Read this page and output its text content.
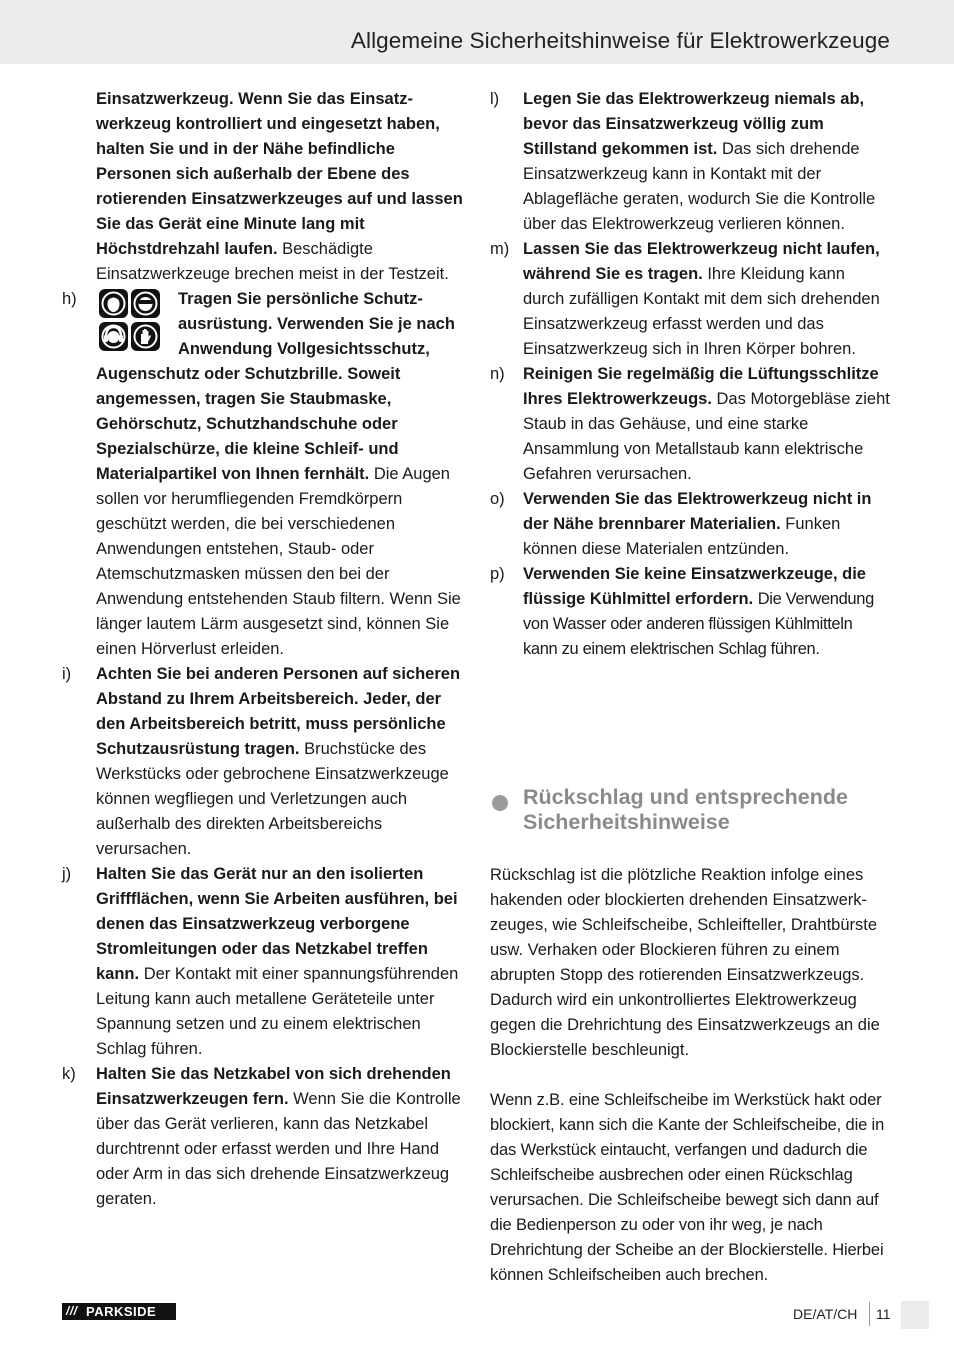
Allgemeine Sicherheitshinweise für Elektrowerkzeuge
Einsatzwerkzeug. Wenn Sie das Einsatzwerkzeug kontrolliert und eingesetzt haben, halten Sie und in der Nähe befindliche Personen sich außerhalb der Ebene des rotierenden Einsatzwerkzeuges auf und lassen Sie das Gerät eine Minute lang mit Höchstdrehzahl laufen. Beschädigte Einsatzwerkzeuge brechen meist in der Testzeit.
h)	Tragen Sie persönliche Schutzausrüstung. Verwenden Sie je nach Anwendung Vollgesichtsschutz, Augenschutz oder Schutzbrille. Soweit angemessen, tragen Sie Staubmaske, Gehörschutz, Schutzhandschuhe oder Spezialschürze, die kleine Schleif- und Materialpartikel von Ihnen fernhält. Die Augen sollen vor herumfliegenden Fremdkörpern geschützt werden, die bei verschiedenen Anwendungen entstehen, Staub- oder Atemschutzmasken müssen den bei der Anwendung entstehenden Staub filtern. Wenn Sie länger lautem Lärm ausgesetzt sind, können Sie einen Hörverlust erleiden.
i) Achten Sie bei anderen Personen auf sicheren Abstand zu Ihrem Arbeitsbereich. Jeder, der den Arbeitsbereich betritt, muss persönliche Schutzausrüstung tragen. Bruchstücke des Werkstücks oder gebrochene Einsatzwerkzeuge können wegfliegen und Verletzungen auch außerhalb des direkten Arbeitsbereichs verursachen.
j) Halten Sie das Gerät nur an den isolierten Griffflächen, wenn Sie Arbeiten ausführen, bei denen das Einsatzwerkzeug verborgene Stromleitungen oder das Netzkabel treffen kann. Der Kontakt mit einer spannungsführenden Leitung kann auch metallene Geräteteile unter Spannung setzen und zu einem elektrischen Schlag führen.
k) Halten Sie das Netzkabel von sich drehenden Einsatzwerkzeugen fern. Wenn Sie die Kontrolle über das Gerät verlieren, kann das Netzkabel durchtrennt oder erfasst werden und Ihre Hand oder Arm in das sich drehende Einsatzwerkzeug geraten.
l) Legen Sie das Elektrowerkzeug niemals ab, bevor das Einsatzwerkzeug völlig zum Stillstand gekommen ist. Das sich drehende Einsatzwerkzeug kann in Kontakt mit der Ablagefläche geraten, wodurch Sie die Kontrolle über das Elektrowerkzeug verlieren können.
m) Lassen Sie das Elektrowerkzeug nicht laufen, während Sie es tragen. Ihre Kleidung kann durch zufälligen Kontakt mit dem sich drehenden Einsatzwerkzeug erfasst werden und das Einsatzwerkzeug sich in Ihren Körper bohren.
n) Reinigen Sie regelmäßig die Lüftungsschlitze Ihres Elektrowerkzeugs. Das Motorgebläse zieht Staub in das Gehäuse, und eine starke Ansammlung von Metallstaub kann elektrische Gefahren verursachen.
o) Verwenden Sie das Elektrowerkzeug nicht in der Nähe brennbarer Materialien. Funken können diese Materialen entzünden.
p) Verwenden Sie keine Einsatzwerkzeuge, die flüssige Kühlmittel erfordern. Die Verwendung von Wasser oder anderen flüssigen Kühlmitteln kann zu einem elektrischen Schlag führen.
Rückschlag und entsprechende Sicherheitshinweise
Rückschlag ist die plötzliche Reaktion infolge eines hakenden oder blockierten drehenden Einsatzwerkzeuges, wie Schleifscheibe, Schleifteller, Drahtbürste usw. Verhaken oder Blockieren führen zu einem abrupten Stopp des rotierenden Einsatzwerkzeugs. Dadurch wird ein unkontrolliertes Elektrowerkzeug gegen die Drehrichtung des Einsatzwerkzeugs an die Blockierstelle beschleunigt.
Wenn z.B. eine Schleifscheibe im Werkstück hakt oder blockiert, kann sich die Kante der Schleifscheibe, die in das Werkstück eintaucht, verfangen und dadurch die Schleifscheibe ausbrechen oder einen Rückschlag verursachen. Die Schleifscheibe bewegt sich dann auf die Bedienperson zu oder von ihr weg, je nach Drehrichtung der Scheibe an der Blockierstelle. Hierbei können Schleifscheiben auch brechen.
/// PARKSIDE	DE/AT/CH 11
